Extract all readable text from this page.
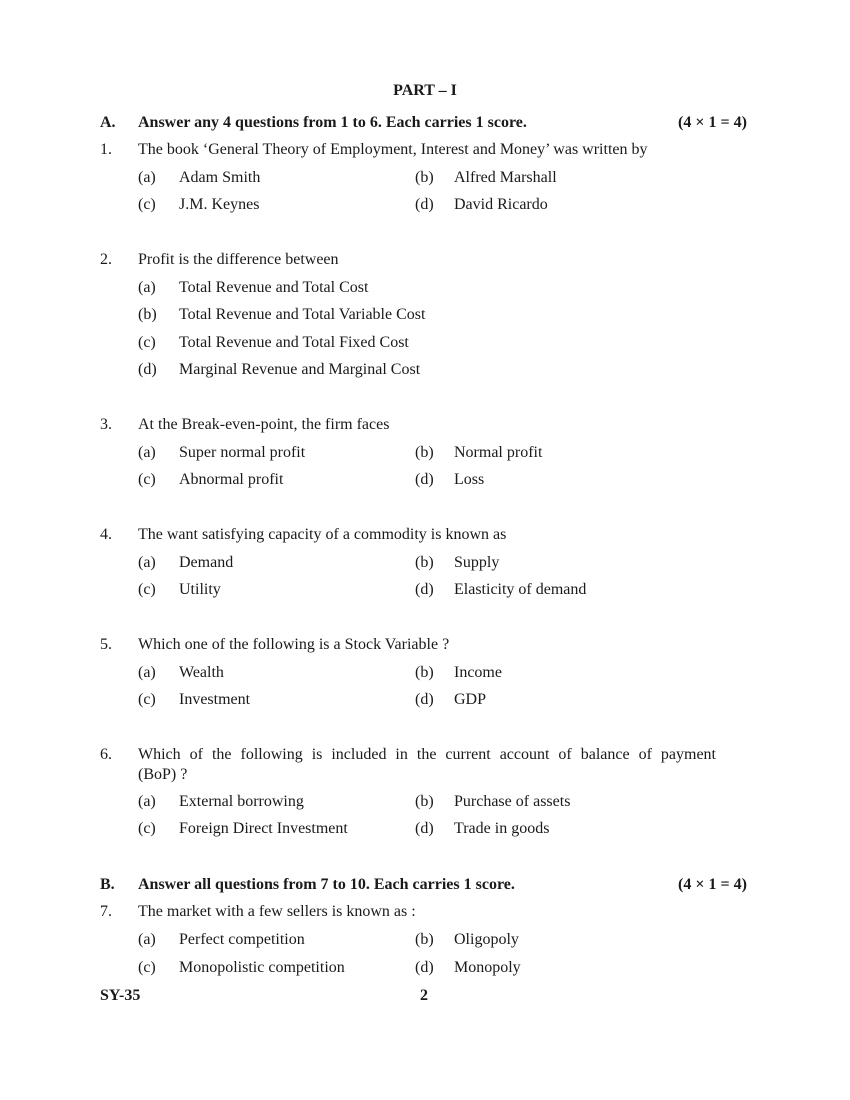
PART – I
A. Answer any 4 questions from 1 to 6. Each carries 1 score.	(4 × 1 = 4)
1. The book ‘General Theory of Employment, Interest and Money’ was written by
(a) Adam Smith	(b) Alfred Marshall
(c) J.M. Keynes	(d) David Ricardo
2. Profit is the difference between
(a) Total Revenue and Total Cost
(b) Total Revenue and Total Variable Cost
(c) Total Revenue and Total Fixed Cost
(d) Marginal Revenue and Marginal Cost
3. At the Break-even-point, the firm faces
(a) Super normal profit	(b) Normal profit
(c) Abnormal profit	(d) Loss
4. The want satisfying capacity of a commodity is known as
(a) Demand	(b) Supply
(c) Utility	(d) Elasticity of demand
5. Which one of the following is a Stock Variable ?
(a) Wealth	(b) Income
(c) Investment	(d) GDP
6. Which of the following is included in the current account of balance of payment
(BoP) ?
(a) External borrowing	(b) Purchase of assets
(c) Foreign Direct Investment	(d) Trade in goods
B. Answer all questions from 7 to 10. Each carries 1 score.	(4 × 1 = 4)
7. The market with a few sellers is known as :
(a) Perfect competition	(b) Oligopoly
(c) Monopolistic competition	(d) Monopoly
SY-35	2
